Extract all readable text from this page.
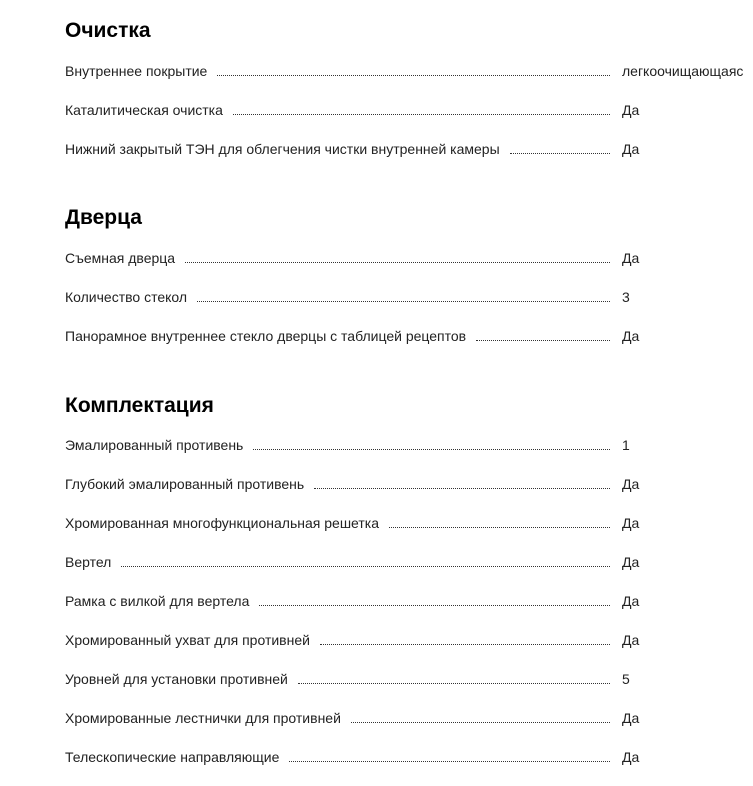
Очистка
Внутреннее покрытие	легкоочищающаяс
Каталитическая очистка	Да
Нижний закрытый ТЭН для облегчения чистки внутренней камеры	Да
Дверца
Съемная дверца	Да
Количество стекол	3
Панорамное внутреннее стекло дверцы с таблицей рецептов	Да
Комплектация
Эмалированный противень	1
Глубокий эмалированный противень	Да
Хромированная многофункциональная решетка	Да
Вертел	Да
Рамка с вилкой для вертела	Да
Хромированный ухват для противней	Да
Уровней для установки противней	5
Хромированные лестнички для противней	Да
Телескопические направляющие	Да
